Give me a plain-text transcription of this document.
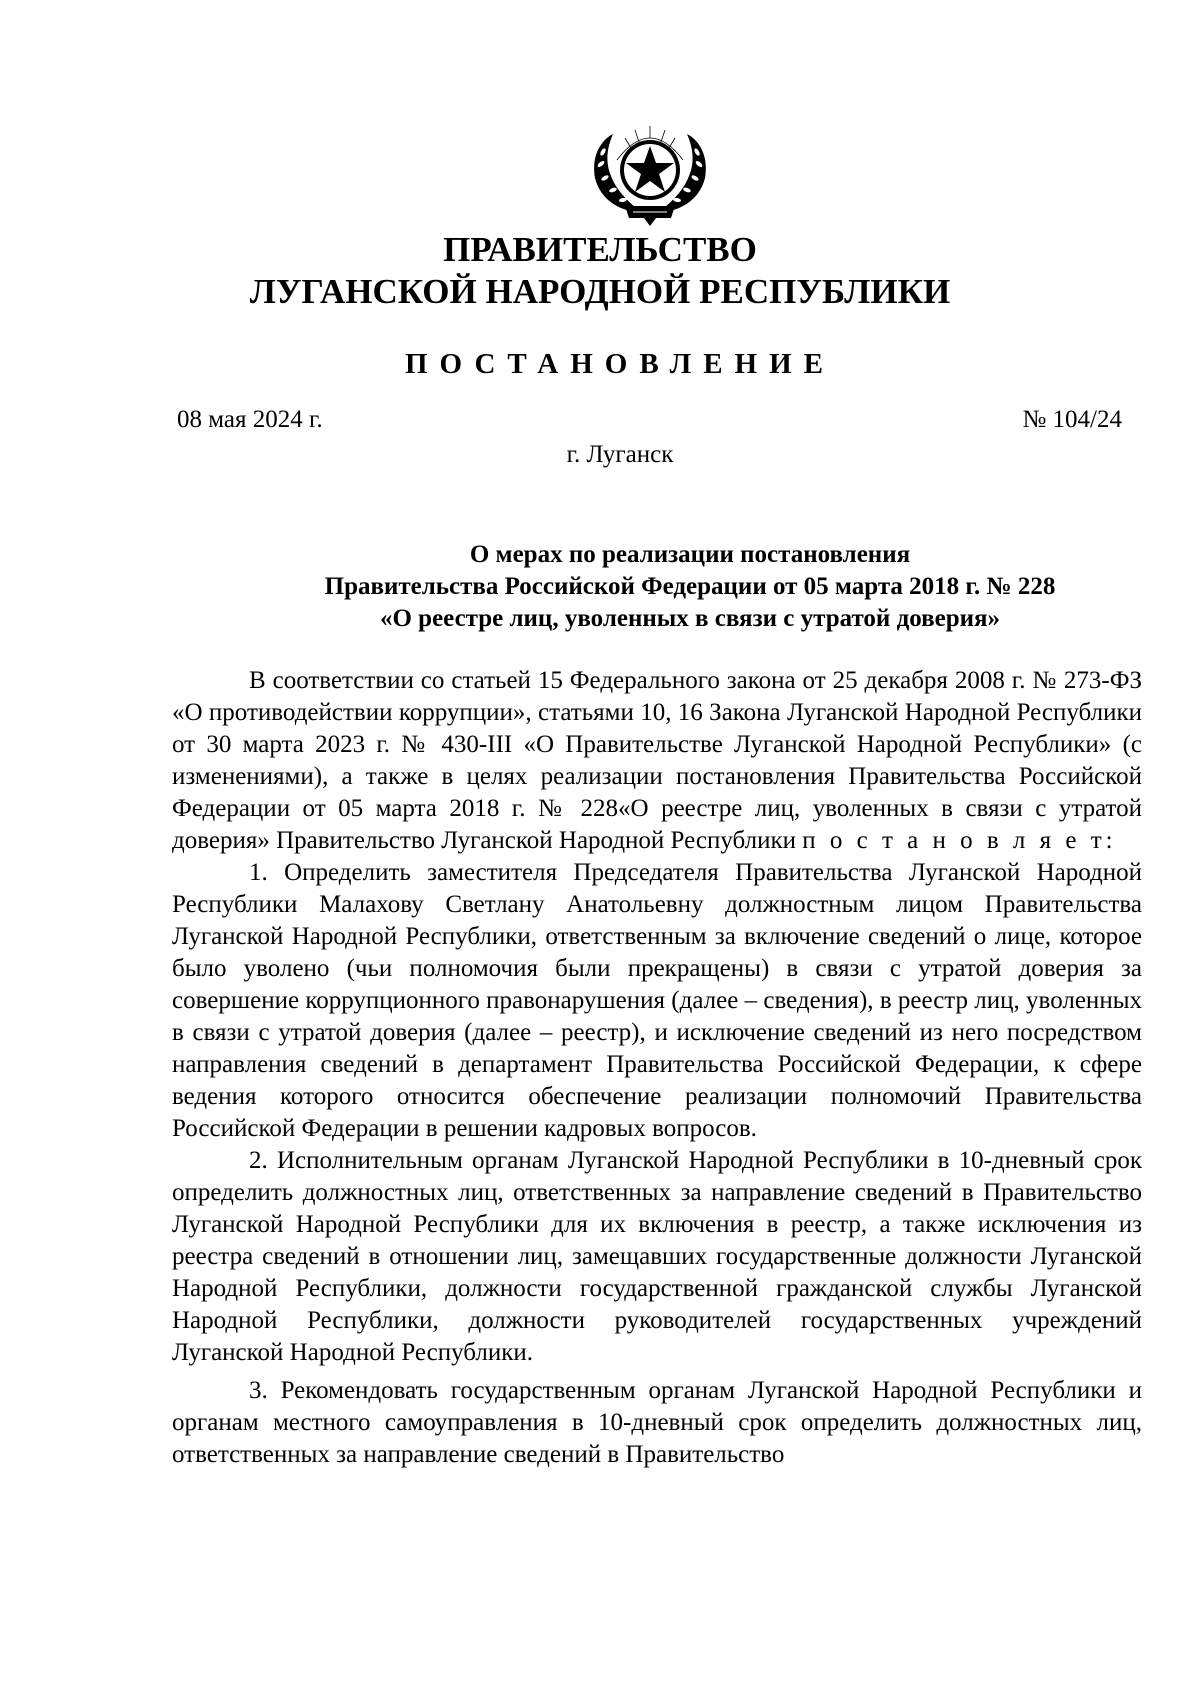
ПРАВИТЕЛЬСТВО
ЛУГАНСКОЙ НАРОДНОЙ РЕСПУБЛИКИ
ПОСТАНОВЛЕНИЕ
08 мая 2024 г.	№ 104/24
г. Луганск
О мерах по реализации постановления
Правительства Российской Федерации от 05 марта 2018 г. № 228
«О реестре лиц, уволенных в связи с утратой доверия»

В соответствии со статьей 15 Федерального закона от 25 декабря 2008 г. № 273-ФЗ «О противодействии коррупции», статьями 10, 16 Закона Луганской Народной Республики от 30 марта 2023 г. № 430-III «О Правительстве Луганской Народной Республики» (с изменениями), а также в целях реализации постановления Правительства Российской Федерации от 05 марта 2018 г. № 228«О реестре лиц, уволенных в связи с утратой доверия» Правительство Луганской Народной Республики п о с т а н о в л я е т:

1. Определить заместителя Председателя Правительства Луганской Народной Республики Малахову Светлану Анатольевну должностным лицом Правительства Луганской Народной Республики, ответственным за включение сведений о лице, которое было уволено (чьи полномочия были прекращены) в связи с утратой доверия за совершение коррупционного правонарушения (далее – сведения), в реестр лиц, уволенных в связи с утратой доверия (далее – реестр), и исключение сведений из него посредством направления сведений в департамент Правительства Российской Федерации, к сфере ведения которого относится обеспечение реализации полномочий Правительства Российской Федерации в решении кадровых вопросов.

2. Исполнительным органам Луганской Народной Республики в 10-дневный срок определить должностных лиц, ответственных за направление сведений в Правительство Луганской Народной Республики для их включения в реестр, а также исключения из реестра сведений в отношении лиц, замещавших государственные должности Луганской Народной Республики, должности государственной гражданской службы Луганской Народной Республики, должности руководителей государственных учреждений Луганской Народной Республики.

3. Рекомендовать государственным органам Луганской Народной Республики и органам местного самоуправления в 10-дневный срок определить должностных лиц, ответственных за направление сведений в Правительство
